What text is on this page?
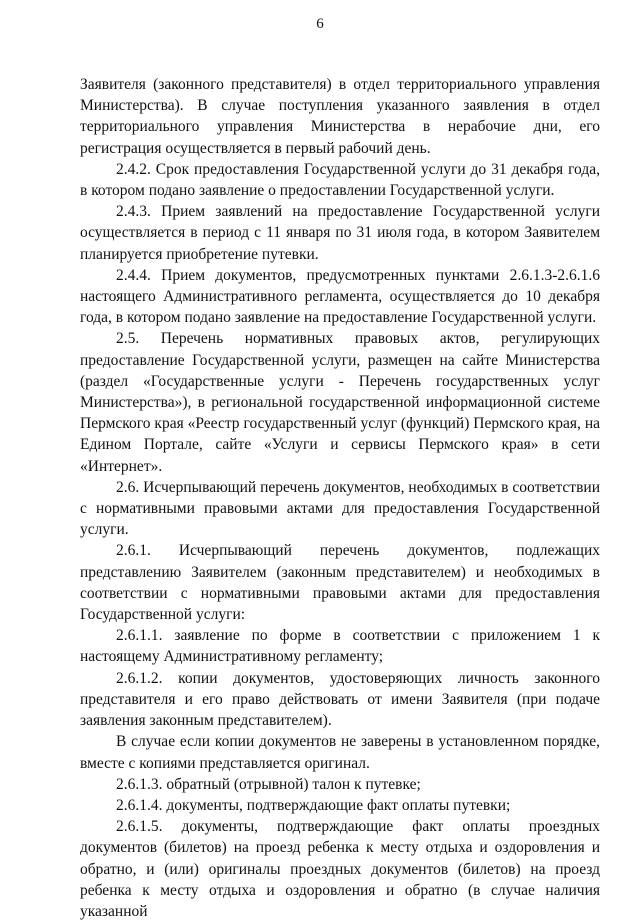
6

Заявителя (законного представителя) в отдел территориального управления Министерства). В случае поступления указанного заявления в отдел территориального управления Министерства в нерабочие дни, его регистрация осуществляется в первый рабочий день.

2.4.2. Срок предоставления Государственной услуги до 31 декабря года, в котором подано заявление о предоставлении Государственной услуги.

2.4.3. Прием заявлений на предоставление Государственной услуги осуществляется в период с 11 января по 31 июля года, в котором Заявителем планируется приобретение путевки.

2.4.4. Прием документов, предусмотренных пунктами 2.6.1.3-2.6.1.6 настоящего Административного регламента, осуществляется до 10 декабря года, в котором подано заявление на предоставление Государственной услуги.

2.5. Перечень нормативных правовых актов, регулирующих предоставление Государственной услуги, размещен на сайте Министерства (раздел «Государственные услуги - Перечень государственных услуг Министерства»), в региональной государственной информационной системе Пермского края «Реестр государственный услуг (функций) Пермского края, на Едином Портале, сайте «Услуги и сервисы Пермского края» в сети «Интернет».

2.6. Исчерпывающий перечень документов, необходимых в соответствии с нормативными правовыми актами для предоставления Государственной услуги.

2.6.1. Исчерпывающий перечень документов, подлежащих представлению Заявителем (законным представителем) и необходимых в соответствии с нормативными правовыми актами для предоставления Государственной услуги:

2.6.1.1. заявление по форме в соответствии с приложением 1 к настоящему Административному регламенту;

2.6.1.2. копии документов, удостоверяющих личность законного представителя и его право действовать от имени Заявителя (при подаче заявления законным представителем).

В случае если копии документов не заверены в установленном порядке, вместе с копиями представляется оригинал.

2.6.1.3. обратный (отрывной) талон к путевке;

2.6.1.4. документы, подтверждающие факт оплаты путевки;

2.6.1.5. документы, подтверждающие факт оплаты проездных документов (билетов) на проезд ребенка к месту отдыха и оздоровления и обратно, и (или) оригиналы проездных документов (билетов) на проезд ребенка к месту отдыха и оздоровления и обратно (в случае наличия указанной
